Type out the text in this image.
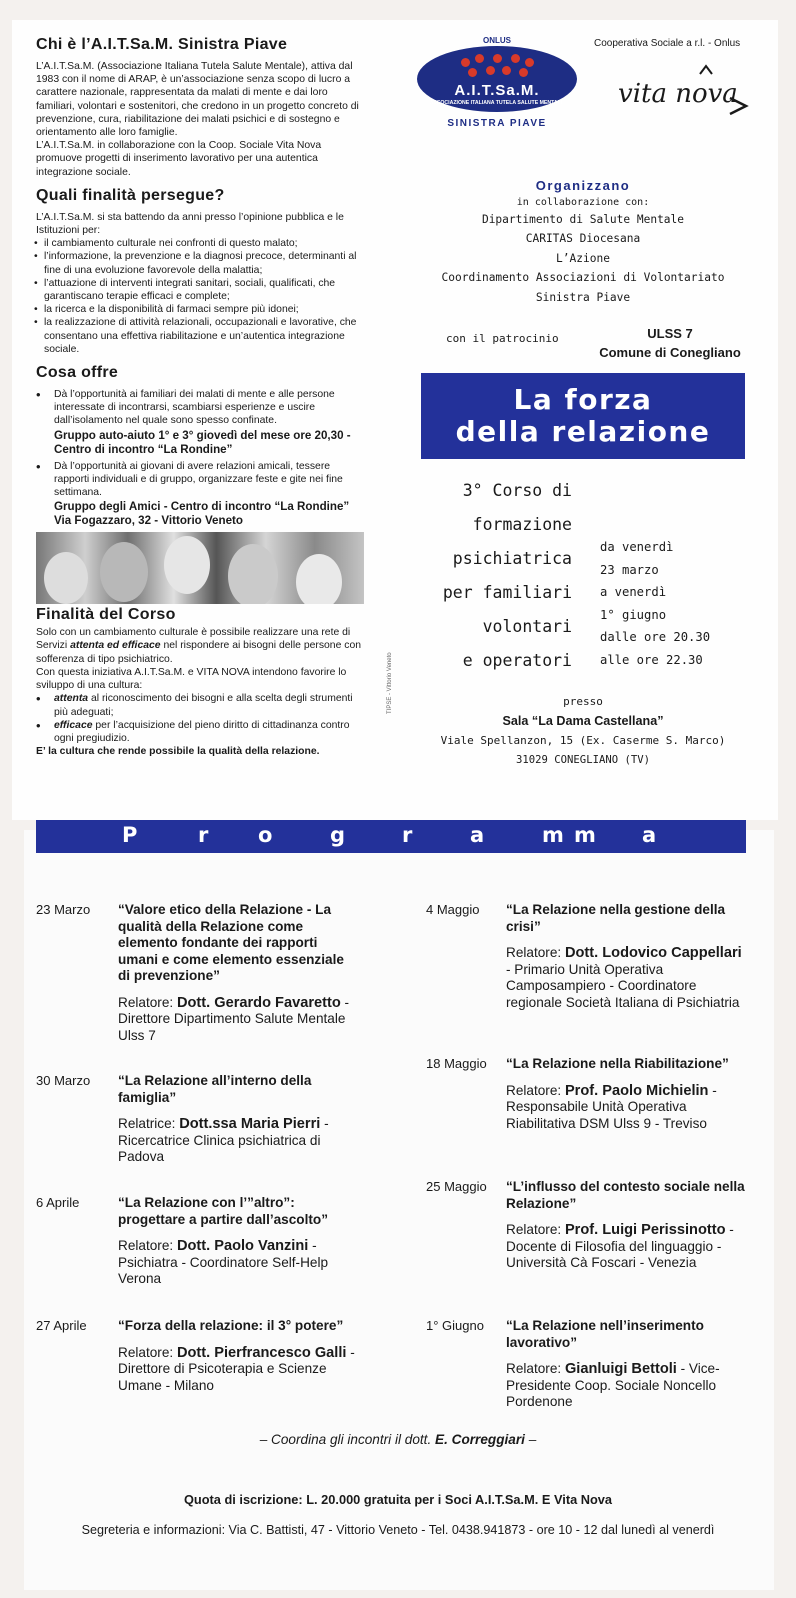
Chi è l’A.I.T.Sa.M. Sinistra Piave

L’A.I.T.Sa.M. (Associazione Italiana Tutela Salute Mentale), attiva dal 1983 con il nome di ARAP, è un’associazione senza scopo di lucro a carattere nazionale, rappresentata da malati di mente e dai loro familiari, volontari e sostenitori, che credono in un progetto concreto di prevenzione, cura, riabilitazione dei malati psichici e di sostegno e orientamento alle loro famiglie.

L’A.I.T.Sa.M. in collaborazione con la Coop. Sociale Vita Nova promuove progetti di inserimento lavorativo per una autentica integrazione sociale.

Quali finalità persegue?

L’A.I.T.Sa.M. si sta battendo da anni presso l’opinione pubblica e le Istituzioni per:

• il cambiamento culturale nei confronti di questo malato;
• l’informazione, la prevenzione e la diagnosi precoce, determinanti al fine di una evoluzione favorevole della malattia;
• l’attuazione di interventi integrati sanitari, sociali, qualificati, che garantiscano terapie efficaci e complete;
• la ricerca e la disponibilità di farmaci sempre più idonei;
• la realizzazione di attività relazionali, occupazionali e lavorative, che consentano una effettiva riabilitazione e un’autentica integrazione sociale.
Cosa offre
• Dà l’opportunità ai familiari dei malati di mente e alle persone interessate di incontrarsi, scambiarsi esperienze e uscire dall’isolamento nel quale sono spesso confinate.
Gruppo auto-aiuto 1° e 3° giovedì del mese ore 20,30 - Centro di incontro “La Rondine”
• Dà l’opportunità ai giovani di avere relazioni amicali, tessere rapporti individuali e di gruppo, organizzare feste e gite nei fine settimana.
Gruppo degli Amici - Centro di incontro “La Rondine” Via Fogazzaro, 32 - Vittorio Veneto
Finalità del Corso

Solo con un cambiamento culturale è possibile realizzare una rete di Servizi attenta ed efficace nel rispondere ai bisogni delle persone con sofferenza di tipo psichiatrico.

Con questa iniziativa A.I.T.Sa.M. e VITA NOVA intendono favorire lo sviluppo di una cultura:

• attenta al riconoscimento dei bisogni e alla scelta degli strumenti più adeguati;
• efficace per l’acquisizione del pieno diritto di cittadinanza contro ogni pregiudizio.

E’ la cultura che rende possibile la qualità della relazione.

TIPSE - Vittorio Veneto
ONLUS
A.I.T.Sa.M.
ASSOCIAZIONE ITALIANA TUTELA SALUTE MENTALE
SINISTRA PIAVE
Cooperativa Sociale a r.l. - Onlus
vita nova
Organizzano
in collaborazione con:
Dipartimento di Salute Mentale
CARITAS Diocesana
L’Azione
Coordinamento Associazioni di Volontariato
Sinistra Piave
con il patrocinio	ULSS 7
Comune di Conegliano
La forza
della relazione
3° Corso di
formazione
psichiatrica
per familiari
volontari
e operatori
da venerdì
23 marzo
a venerdì
1° giugno
dalle ore 20.30
alle ore 22.30
presso
Sala “La Dama Castellana”
Viale Spellanzon, 15 (Ex. Caserme S. Marco)
31029 CONEGLIANO (TV)
P	r o	g	r	a	m m a
23 Marzo “Valore etico della Relazione - La qualità della Relazione come elemento fondante dei rapporti umani e come elemento essenziale di prevenzione”
Relatore: Dott. Gerardo Favaretto - Direttore Dipartimento Salute Mentale Ulss 7
30 Marzo “La Relazione all’interno della famiglia”
Relatrice: Dott.ssa Maria Pierri - Ricercatrice Clinica psichiatrica di Padova
6 Aprile	“La Relazione con l’”altro”: progettare a partire dall’ascolto”
Relatore: Dott. Paolo Vanzini - Psichiatra - Coordinatore Self-Help Verona
27 Aprile “Forza della relazione: il 3° potere”
Relatore: Dott. Pierfrancesco Galli - Direttore di Psicoterapia e Scienze Umane - Milano
4 Maggio “La Relazione nella gestione della crisi”
Relatore: Dott. Lodovico Cappellari - Primario Unità Operativa Camposampiero - Coordinatore regionale Società Italiana di Psichiatria
18 Maggio “La Relazione nella Riabilitazione”
Relatore: Prof. Paolo Michielin - Responsabile Unità Operativa Riabilitativa DSM Ulss 9 - Treviso
25 Maggio “L’influsso del contesto sociale nella Relazione”
Relatore: Prof. Luigi Perissinotto - Docente di Filosofia del linguaggio - Università Cà Foscari - Venezia
1° Giugno “La Relazione nell’inserimento lavorativo”
Relatore: Gianluigi Bettoli - Vice-Presidente Coop. Sociale Noncello Pordenone
– Coordina gli incontri il dott. E. Correggiari –
Quota di iscrizione: L. 20.000 gratuita per i Soci A.I.T.Sa.M. E Vita Nova
Segreteria e informazioni: Via C. Battisti, 47 - Vittorio Veneto - Tel. 0438.941873 - ore 10 - 12 dal lunedì al venerdì
